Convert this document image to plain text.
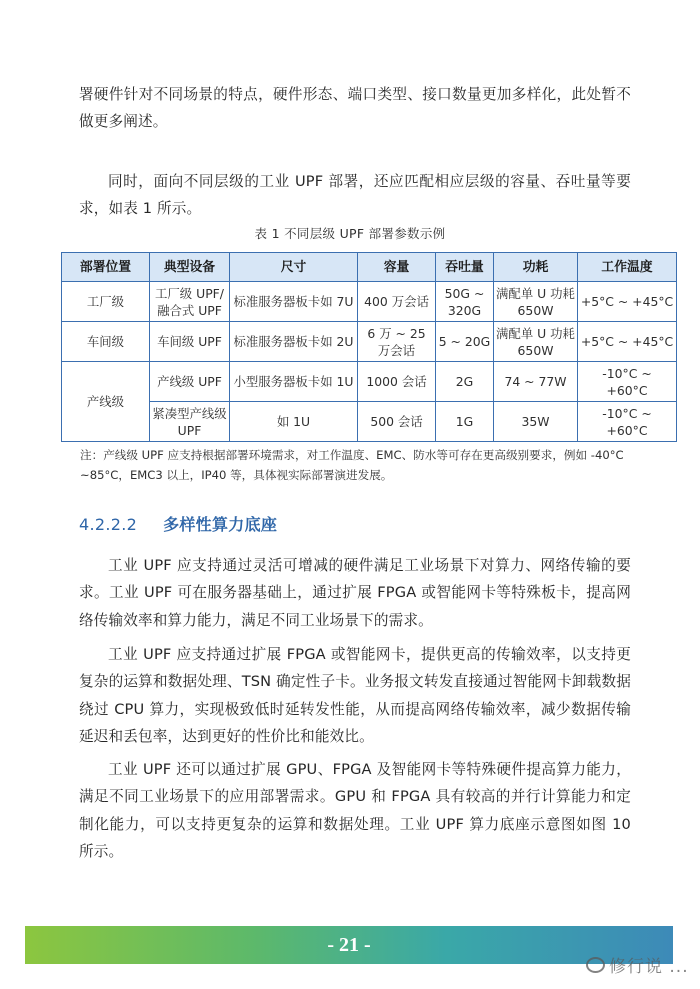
署硬件针对不同场景的特点，硬件形态、端口类型、接口数量更加多样化，此处暂不做更多阐述。

同时，面向不同层级的工业 UPF 部署，还应匹配相应层级的容量、吞吐量等要求，如表 1 所示。

表 1 不同层级 UPF 部署参数示例
部署位置	典型设备	尺寸	容量	吞吐量	功耗	工作温度
工厂级	工厂级 UPF/融合式 UPF	标准服务器板卡如 7U	400 万会话	50G ~ 320G	满配单 U 功耗 650W	+5°C ~ +45°C
车间级	车间级 UPF	标准服务器板卡如 2U	6 万 ~ 25 万会话	5 ~ 20G	满配单 U 功耗 650W	+5°C ~ +45°C
产线级	产线级 UPF	小型服务器板卡如 1U	1000 会话	2G	74 ~ 77W	-10°C ~ +60°C
	紧凑型产线级 UPF	如 1U	500 会话	1G	35W	-10°C ~ +60°C

注：产线级 UPF 应支持根据部署环境需求，对工作温度、EMC、防水等可存在更高级别要求，例如 -40°C ~85°C，EMC3 以上，IP40 等，具体视实际部署演进发展。

4.2.2.2 多样性算力底座

工业 UPF 应支持通过灵活可增减的硬件满足工业场景下对算力、网络传输的要求。工业 UPF 可在服务器基础上，通过扩展 FPGA 或智能网卡等特殊板卡，提高网络传输效率和算力能力，满足不同工业场景下的需求。

工业 UPF 应支持通过扩展 FPGA 或智能网卡，提供更高的传输效率，以支持更复杂的运算和数据处理、TSN 确定性子卡。业务报文转发直接通过智能网卡卸载数据绕过 CPU 算力，实现极致低时延转发性能，从而提高网络传输效率，减少数据传输延迟和丢包率，达到更好的性价比和能效比。

工业 UPF 还可以通过扩展 GPU、FPGA 及智能网卡等特殊硬件提高算力能力，满足不同工业场景下的应用部署需求。GPU 和 FPGA 具有较高的并行计算能力和定制化能力，可以支持更复杂的运算和数据处理。工业 UPF 算力底座示意图如图 10 所示。

- 21 -
修行说 ...
